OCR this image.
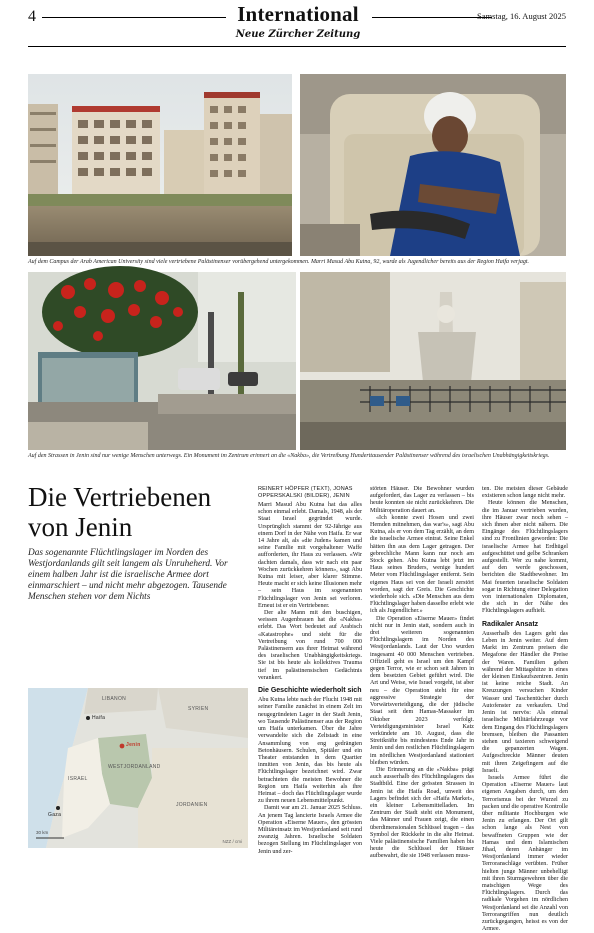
4	International
Neue Zürcher Zeitung
Samstag, 16. August 2025
Auf dem Campus der Arab American University sind viele vertriebene Palästinenser vorübergehend untergekommen. Marri Masud Abu Kutna, 92, wurde als Jugendlicher bereits aus der Region Haifa verjagt.
Auf den Strassen in Jenin sind nur wenige Menschen unterwegs. Ein Monument im Zentrum erinnert an die «Nakba», die Vertreibung Hunderttausender Palästinenser während des israelischen Unabhängigkeitskriegs.
Die Vertriebenen von Jenin
Das sogenannte Flüchtlingslager im Norden des Westjordanlands gilt seit langem als Unruheherd. Vor einem halben Jahr ist die israelische Armee dort einmarschiert – und nicht mehr abgezogen. Tausende Menschen stehen vor dem Nichts
REINERT HÖPFER (TEXT), JONAS OPPERSKALSKI (BILDER), JENIN

Marri Masud Abu Kutna hat das alles schon einmal erlebt. Damals, 1948, als der Staat Israel gegründet wurde. Ursprünglich stammt der 92-Jährige aus einem Dorf in der Nähe von Haifa. Er war 14 Jahre alt, als «die Juden» kamen und seine Familie mit vorgehaltener Waffe aufforderten, ihr Haus zu verlassen. «Wir dachten damals, dass wir nach ein paar Wochen zurückkehren können», sagt Abu Kutna mit leiser, aber klarer Stimme. Heute macht er sich keine Illusionen mehr – sein Haus im sogenannten Flüchtlingslager von Jenin sei verloren. Erneut ist er ein Vertriebener.

Der alte Mann mit den buschigen, weissen Augenbrauen hat die «Nakba» erlebt. Das Wort bedeutet auf Arabisch «Katastrophe» und steht für die Vertreibung von rund 700 000 Palästinensern aus ihrer Heimat während des israelischen Unabhängigkeitskriegs. Sie ist bis heute als kollektives Trauma tief im palästinensischen Gedächtnis verankert.

Die Geschichte wiederholt sich

Abu Kutna lebte nach der Flucht 1948 mit seiner Familie zunächst in einem Zelt im neugegründeten Lager in der Stadt Jenin, wo Tausende Palästinenser aus der Region um Haifa unterkamen. Über die Jahre verwandelte sich die Zeltstadt in eine Ansammlung von eng gedrängten Betonhäusern. Schulen, Spitäler und ein Theater entstanden in dem Quartier inmitten von Jenin, das bis heute als Flüchtlingslager bezeichnet wird. Zwar betrachteten die meisten Bewohner die Region um Haifa weiterhin als ihre Heimat – doch das Flüchtlingslager wurde zu ihrem neuen Lebensmittelpunkt.

Damit war am 21. Januar 2025 Schluss. An jenem Tag lancierte Israels Armee die Operation «Eiserne Mauer», den grössten Militäreinsatz im Westjordanland seit rund zwanzig Jahren. Israelische Soldaten bezogen Stellung im Flüchtlingslager von Jenin und zer-

störten Häuser. Die Bewohner wurden aufgefordert, das Lager zu verlassen – bis heute konnten sie nicht zurückkehren. Die Militäroperation dauert an.

«Ich konnte zwei Hosen und zwei Hemden mitnehmen, das war's», sagt Abu Kutna, als er von dem Tag erzählt, an dem die israelische Armee eintrat. Seine Enkel hätten ihn aus dem Lager getragen. Der gebrechliche Mann kann nur noch am Stock gehen. Abu Kutna lebt jetzt im Haus seines Bruders, wenige hundert Meter vom Flüchtlingslager entfernt. Sein eigenes Haus sei von der Israeli zerstört worden, sagt der Greis. Die Geschichte wiederhole sich. «Die Menschen aus dem Flüchtlingslager haben dasselbe erlebt wie ich als Jugendlicher.»

Die Operation «Eiserne Mauer» findet nicht nur in Jenin statt, sondern auch in drei weiteren sogenannten Flüchtlingslagern im Norden des Westjordanlands. Laut der Uno wurden insgesamt 40 000 Menschen vertrieben. Offiziell geht es Israel um den Kampf gegen Terror, wie er schon seit Jahren in dem besetzten Gebiet geführt wird. Die Art und Weise, wie Israel vorgeht, ist aber neu – die Operation steht für eine aggressive Strategie der Vorwärtsverteidigung, die der jüdische Staat seit dem Hamas-Massaker im Oktober 2023 verfolgt. Verteidigungsminister Israel Katz verkündete am 10. August, dass die Streitkräfte bis mindestens Ende Jahr in Jenin und den restlichen Flüchtlingslagern im nördlichen Westjordanland stationiert bleiben würden.

Die Erinnerung an die «Nakba» prägt auch ausserhalb des Flüchtlingslagers das Stadtbild. Eine der grössten Strassen in Jenin ist die Haifa Road, unweit des Lagers befindet sich der «Haifa Market», ein kleiner Lebensmittelladen. Im Zentrum der Stadt steht ein Monument, das Männer und Frauen zeigt, die einen überdimensionalen Schlüssel tragen – das Symbol der Rückkehr in die alte Heimat. Viele palästinensische Familien haben bis heute die Schlüssel der Häuser aufbewahrt, die sie 1948 verlassen muss-

ten. Die meisten dieser Gebäude existieren schon lange nicht mehr.

Heute können die Menschen, die im Januar vertrieben wurden, ihre Häuser zwar noch sehen – sich ihnen aber nicht nähern. Die Eingänge des Flüchtlingslagers sind zu Frontlinien geworden: Die israelische Armee hat Erdhügel aufgeschüttet und gelbe Schranken aufgestellt. Wer zu nahe kommt, auf den werde geschossen, berichten die Stadtbewohner. Im Mai feuerten israelische Soldaten sogar in Richtung einer Delegation von internationalen Diplomaten, die sich in der Nähe des Flüchtlingslagers aufhielt.

Radikaler Ansatz

Ausserhalb des Lagers geht das Leben in Jenin weiter. Auf dem Markt im Zentrum preisen die Megafone der Händler die Preise der Waren. Familien gehen während der Mittagshitze in eines der kleinen Einkaufszentren. Jenin ist keine reiche Stadt. An Kreuzungen versuchen Kinder Wasser und Taschentücher durch Autofenster zu verkaufen. Und Jenin ist nervös: Als einmal israelische Militärfahrzeuge vor dem Eingang des Flüchtlingslagers bremsen, bleiben die Passanten stehen und taxieren schweigend die gepanzerten Wagen. Aufgeschreckte Männer deuten mit ihren Zeigefingern auf die Israeli.

Israels Armee führt die Operation «Eiserne Mauer» laut eigenen Angaben durch, um den Terrorismus bei der Wurzel zu packen und die operative Kontrolle über militante Hochburgen wie Jenin zu erlangen. Der Ort gilt schon lange als Nest von bewaffneten Gruppen wie der Hamas und dem Islamischen Jihad, deren Anhänger im Westjordanland immer wieder Terroranschläge verübten. Früher hielten junge Männer unbehelligt mit ihren Sturmgewehren über die matschigen Wege des Flüchtlingslagers. Durch das radikale Vorgehen im nördlichen Westjordanland sei die Anzahl von Terrorangriffen nun deutlich zurückgegangen, heisst es von der Armee.

LIBANON
SYRIEN
Haifa
Jenin
ISRAEL
WESTJORDANLAND
JORDANIEN
Gaza
30 km
NZZ / cmi
